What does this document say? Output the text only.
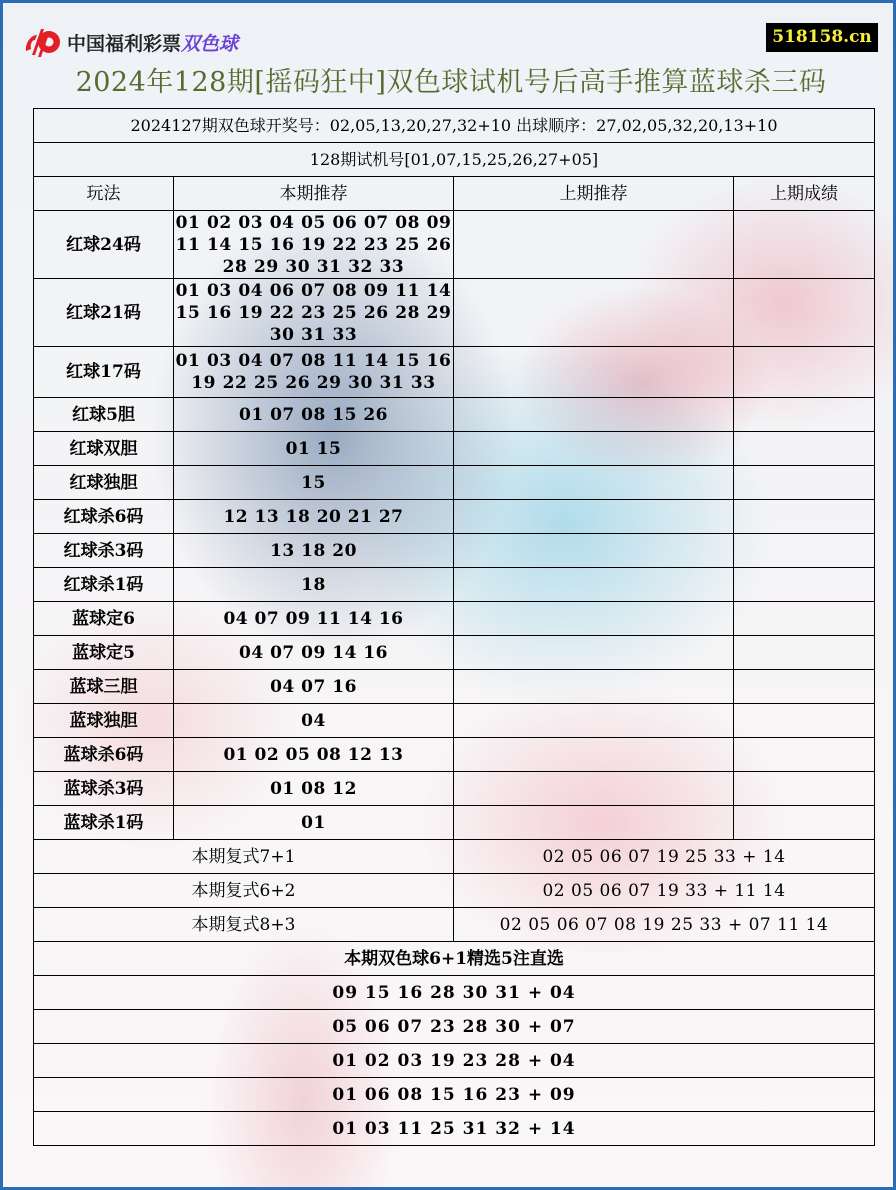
中国福利彩票 双色球	518158.cn
2024年128期[摇码狂中]双色球试机号后高手推算蓝球杀三码
2024127期双色球开奖号：02,05,13,20,27,32+10 出球顺序：27,02,05,32,20,13+10			
128期试机号[01,07,15,25,26,27+05]			
玩法	本期推荐	上期推荐	上期成绩
红球24码	01 02 03 04 05 06 07 08 09 11 14 15 16 19 22 23 25 26 28 29 30 31 32 33		
红球21码	01 03 04 06 07 08 09 11 14 15 16 19 22 23 25 26 28 29 30 31 33		
红球17码	01 03 04 07 08 11 14 15 16 19 22 25 26 29 30 31 33		
红球5胆	01 07 08 15 26		
红球双胆	01 15		
红球独胆	15		
红球杀6码	12 13 18 20 21 27		
红球杀3码	13 18 20		
红球杀1码	18		
蓝球定6	04 07 09 11 14 16		
蓝球定5	04 07 09 14 16		
蓝球三胆	04 07 16		
蓝球独胆	04		
蓝球杀6码	01 02 05 08 12 13		
蓝球杀3码	01 08 12		
蓝球杀1码	01		
本期复式7+1		02 05 06 07 19 25 33 + 14	
本期复式6+2		02 05 06 07 19 33 + 11 14	
本期复式8+3		02 05 06 07 08 19 25 33 + 07 11 14	
本期双色球6+1精选5注直选			
09 15 16 28 30 31 + 04			
05 06 07 23 28 30 + 07			
01 02 03 19 23 28 + 04			
01 06 08 15 16 23 + 09			
01 03 11 25 31 32 + 14			
